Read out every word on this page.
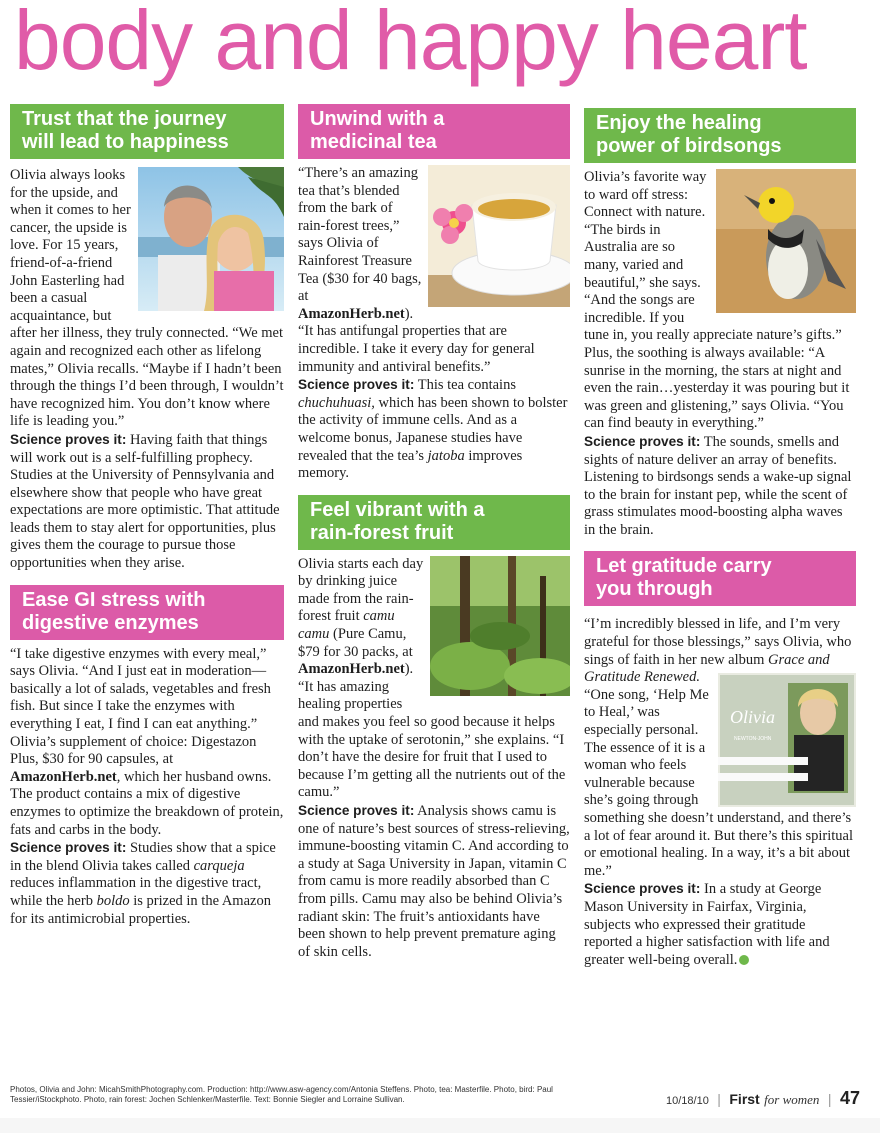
body and happy heart
Trust that the journey
will lead to happiness

Olivia always looks for the upside, and when it comes to her cancer, the upside is love. For 15 years, friend-of-a-friend John Easterling had been a casual acquaintance, but after her illness, they truly connected. “We met again and recognized each other as lifelong mates,” Olivia recalls. “Maybe if I hadn’t been through the things I’d been through, I wouldn’t have recognized him. You don’t know where life is leading you.”

Science proves it: Having faith that things will work out is a self-fulfilling prophecy. Studies at the University of Pennsylvania and elsewhere show that people who have great expectations are more optimistic. That attitude leads them to stay alert for opportunities, plus gives them the courage to pursue those opportunities when they arise.

Ease GI stress with
digestive enzymes

“I take digestive enzymes with every meal,” says Olivia. “And I just eat in moderation—basically a lot of salads, vegetables and fresh fish. But since I take the enzymes with everything I eat, I find I can eat anything.” Olivia’s supplement of choice: Digestazon Plus, $30 for 90 capsules, at AmazonHerb.net, which her husband owns. The product contains a mix of digestive enzymes to optimize the breakdown of protein, fats and carbs in the body.

Science proves it: Studies show that a spice in the blend Olivia takes called carqueja reduces inflammation in the digestive tract, while the herb boldo is prized in the Amazon for its antimicrobial properties.

Unwind with a
medicinal tea

“There’s an amazing tea that’s blended from the bark of rain-forest trees,” says Olivia of Rainforest Treasure Tea ($30 for 40 bags, at AmazonHerb.net). “It has antifungal properties that are incredible. I take it every day for general immunity and antiviral benefits.”

Science proves it: This tea contains chuchuhuasi, which has been shown to bolster the activity of immune cells. And as a welcome bonus, Japanese studies have revealed that the tea’s jatoba improves memory.

Feel vibrant with a
rain-forest fruit

Olivia starts each day by drinking juice made from the rain-forest fruit camu camu (Pure Camu, $79 for 30 packs, at AmazonHerb.net). “It has amazing healing properties and makes you feel so good because it helps with the uptake of serotonin,” she explains. “I don’t have the desire for fruit that I used to because I’m getting all the nutrients out of the camu.”

Science proves it: Analysis shows camu is one of nature’s best sources of stress-relieving, immune-boosting vitamin C. And according to a study at Saga University in Japan, vitamin C from camu is more readily absorbed than C from pills. Camu may also be behind Olivia’s radiant skin: The fruit’s antioxidants have been shown to help prevent premature aging of skin cells.

Enjoy the healing
power of birdsongs

Olivia’s favorite way to ward off stress: Connect with nature. “The birds in Australia are so many, varied and beautiful,” she says. “And the songs are incredible. If you tune in, you really appreciate nature’s gifts.” Plus, the soothing is always available: “A sunrise in the morning, the stars at night and even the rain…yesterday it was pouring but it was green and glistening,” says Olivia. “You can find beauty in everything.”

Science proves it: The sounds, smells and sights of nature deliver an array of benefits. Listening to birdsongs sends a wake-up signal to the brain for instant pep, while the scent of grass stimulates mood-boosting alpha waves in the brain.

Let gratitude carry
you through

“I’m incredibly blessed in life, and I’m very grateful for those blessings,” says Olivia, who sings of faith in her new album Grace and Gratitude Renewed.
Olivia
NEWTON-JOHN
“One song, ‘Help Me to Heal,’ was especially personal. The essence of it is a woman who feels vulnerable because she’s going through something she doesn’t understand, and there’s a lot of fear around it. But there’s this spiritual or emotional healing. In a way, it’s a bit about me.”

Science proves it: In a study at George Mason University in Fairfax, Virginia, subjects who expressed their gratitude reported a higher satisfaction with life and greater well-being overall.

Photos, Olivia and John: MicahSmithPhotography.com. Production: http://www.asw-agency.com/Antonia Steffens. Photo, tea: Masterfile. Photo, bird: Paul Tessier/iStockphoto. Photo, rain forest: Jochen Schlenker/Masterfile. Text: Bonnie Siegler and Lorraine Sullivan.	10/18/10 | First for women | 47
